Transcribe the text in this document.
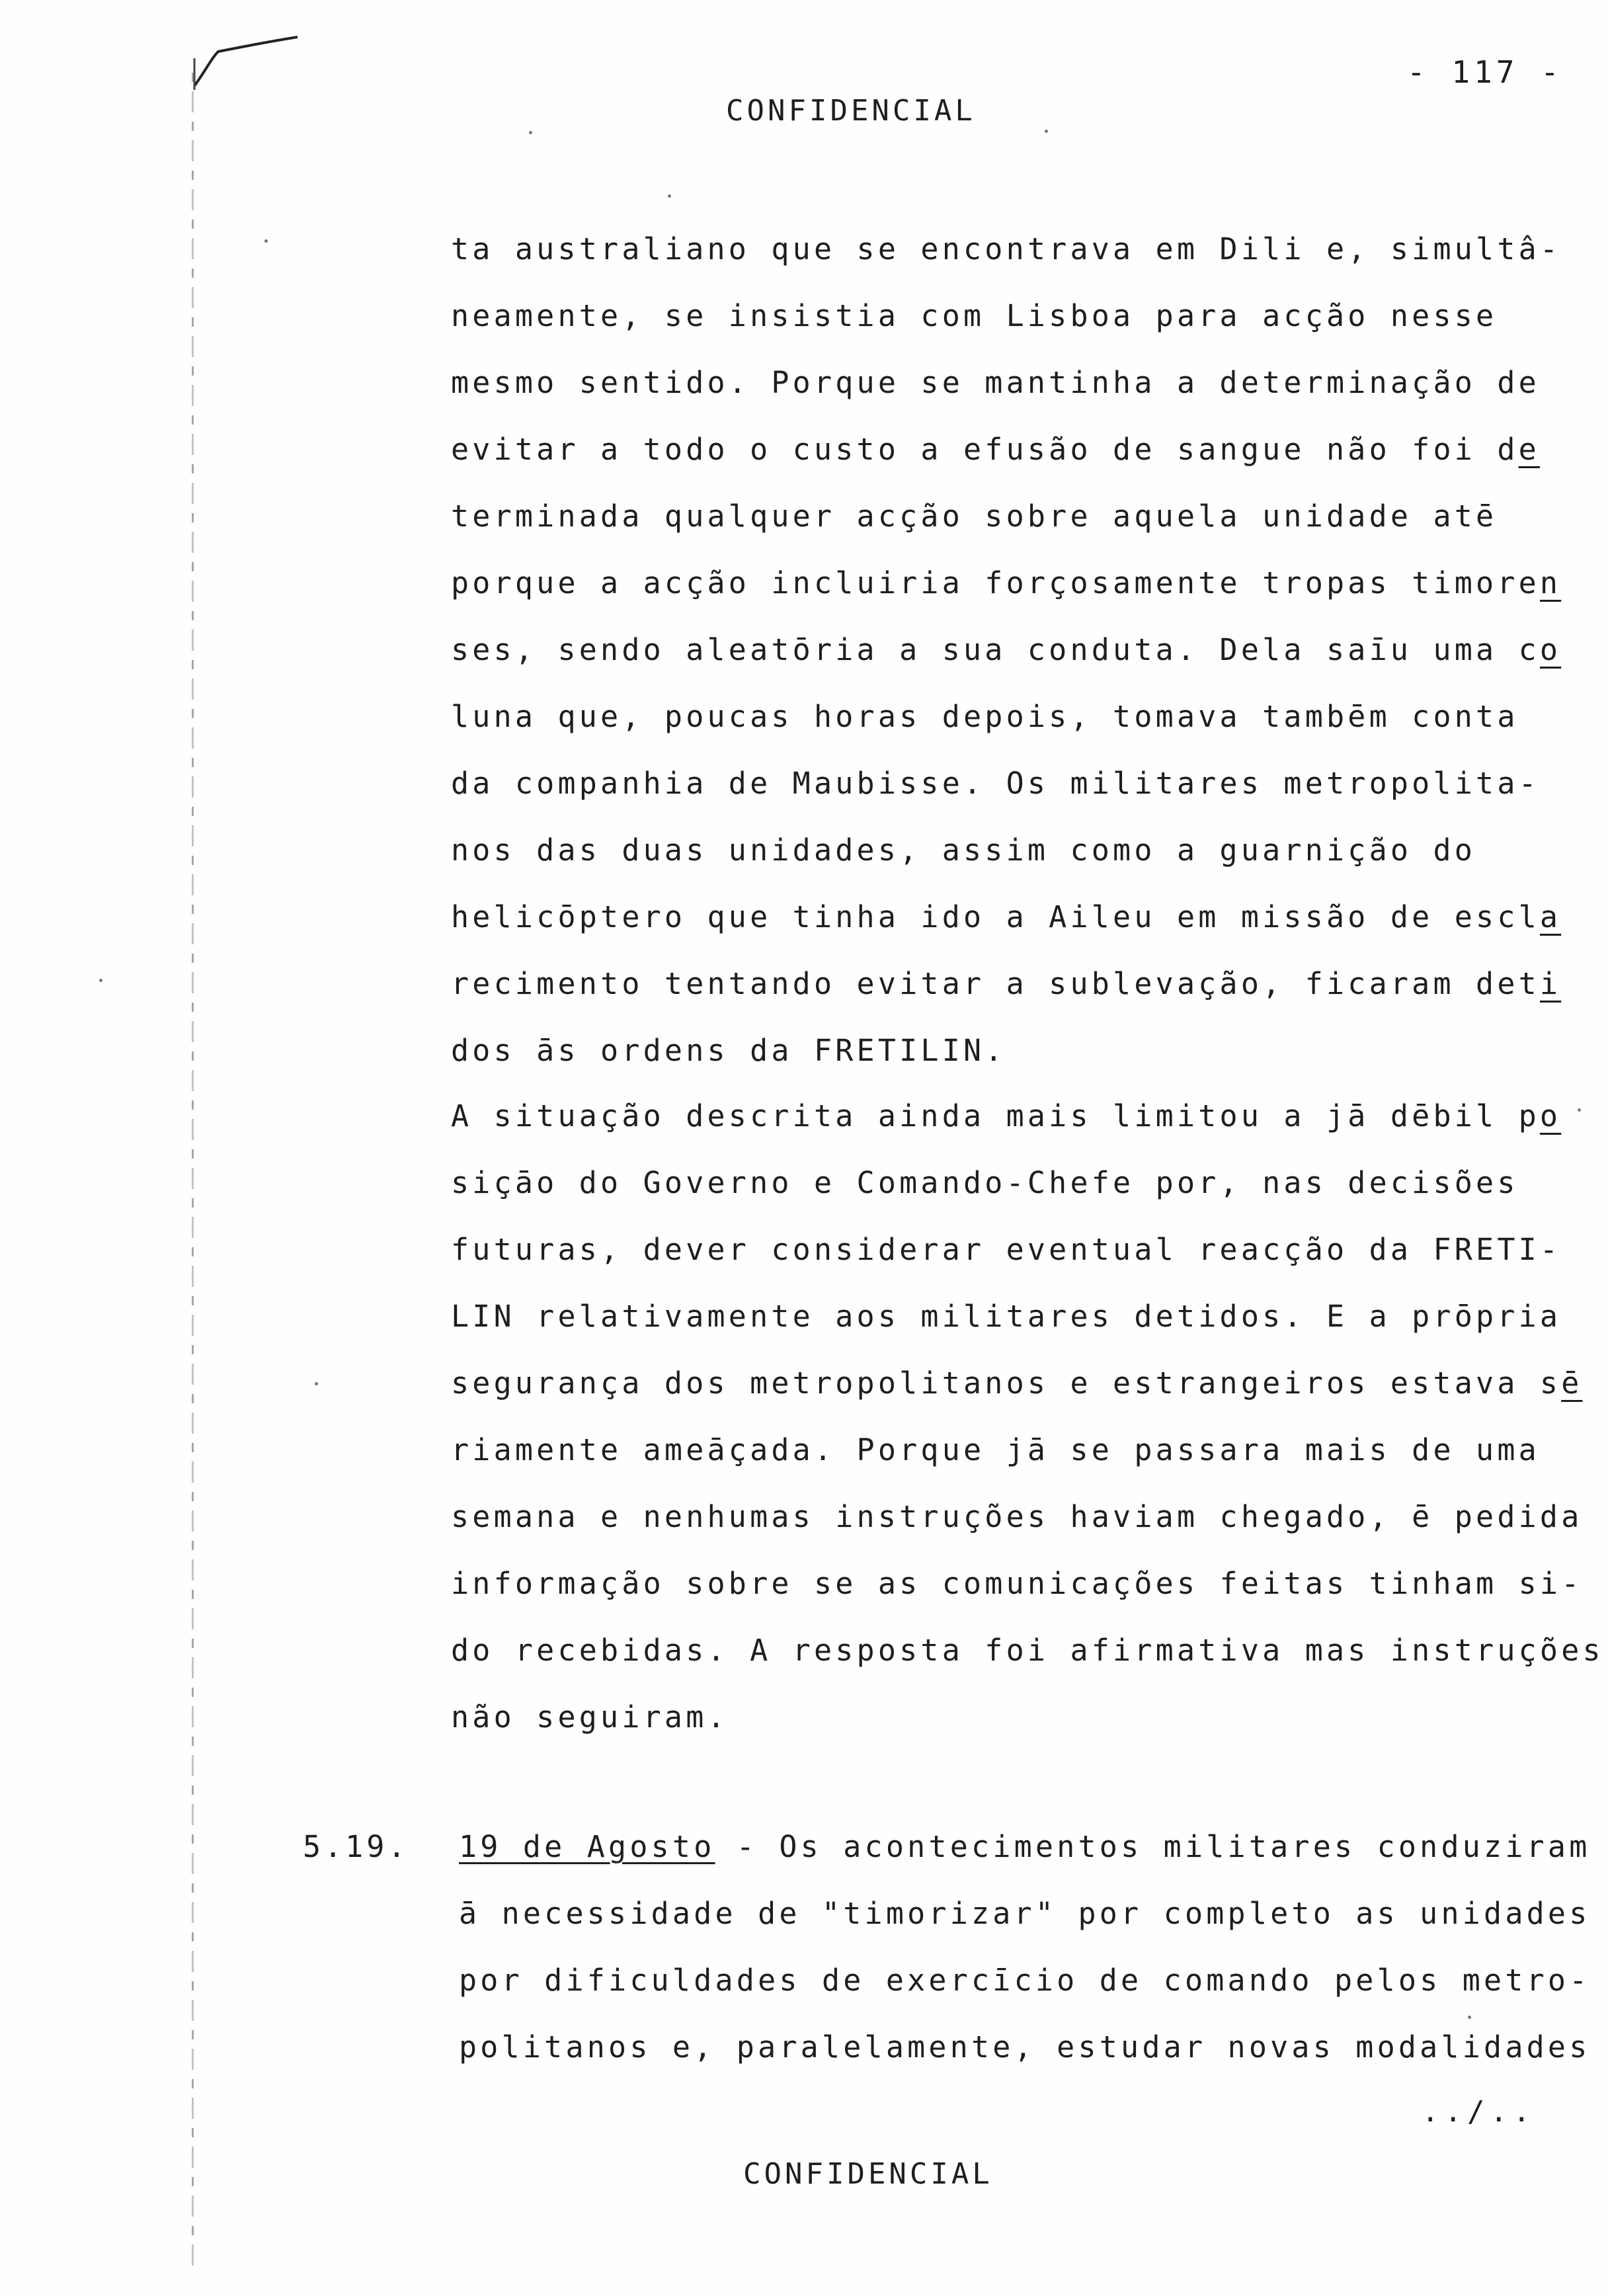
- 117 -
CONFIDENCIAL
ta australiano que se encontrava em Dili e, simultâ-
neamente, se insistia com Lisboa para acção nesse
mesmo sentido. Porque se mantinha a determinação de
evitar a todo o custo a efusão de sangue não foi de
terminada qualquer acção sobre aquela unidade atē
porque a acção incluiria forçosamente tropas timoren
ses, sendo aleatōria a sua conduta. Dela saīu uma co
luna que, poucas horas depois, tomava tambēm conta
da companhia de Maubisse. Os militares metropolita-
nos das duas unidades, assim como a guarnição do
helicōptero que tinha ido a Aileu em missão de escla
recimento tentando evitar a sublevação, ficaram deti
dos ās ordens da FRETILIN.
A situação descrita ainda mais limitou a jā dēbil po
siçāo do Governo e Comando-Chefe por, nas decisões
futuras, dever considerar eventual reacção da FRETI-
LIN relativamente aos militares detidos. E a prōpria
segurança dos metropolitanos e estrangeiros estava sē
riamente ameāçada. Porque jā se passara mais de uma
semana e nenhumas instruções haviam chegado, ē pedida
informação sobre se as comunicações feitas tinham si-
do recebidas. A resposta foi afirmativa mas instruções
não seguiram.
5.19. 19 de Agosto - Os acontecimentos militares conduziram
ā necessidade de "timorizar" por completo as unidades
por dificuldades de exercīcio de comando pelos metro-
politanos e, paralelamente, estudar novas modalidades
../..
CONFIDENCIAL
